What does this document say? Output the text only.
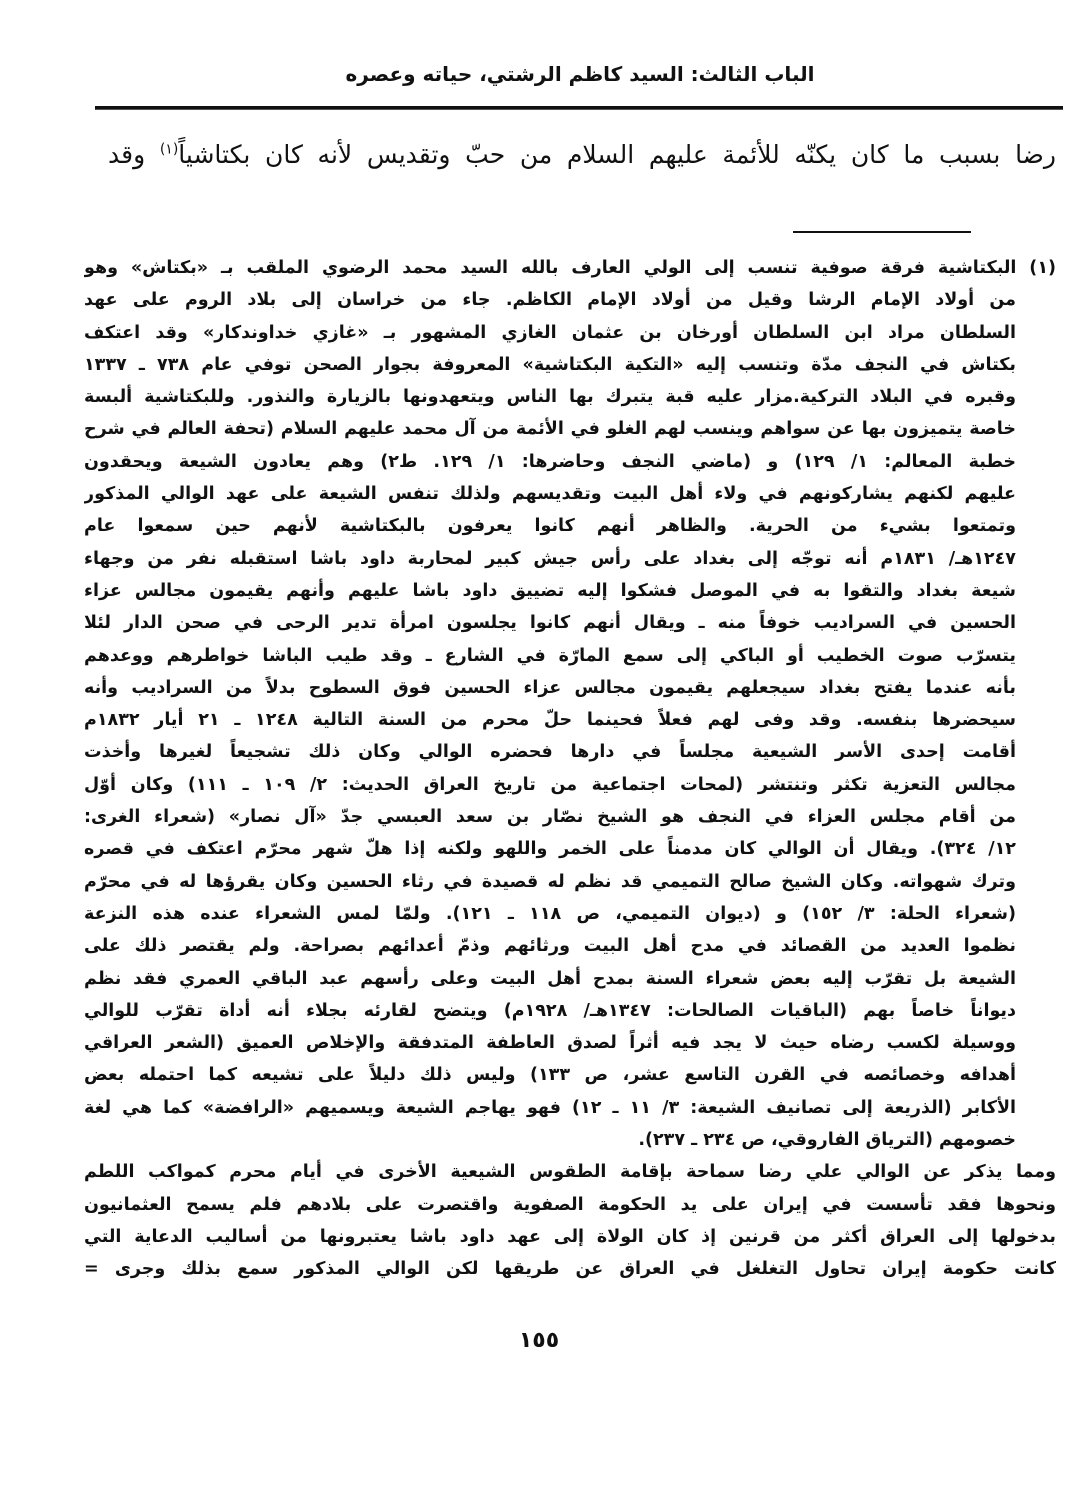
الباب الثالث: السيد كاظم الرشتي، حياته وعصره
رضا بسبب ما كان يكنّه للأئمة عليهم السلام من حبّ وتقديس لأنه كان بكتاشياً$^{(١)}$ وقد
(١) البكتاشية فرقة صوفية تنسب إلى الولي العارف بالله السيد محمد الرضوي الملقب بـ «بكتاش» وهو
من أولاد الإمام الرشا وقيل من أولاد الإمام الكاظم. جاء من خراسان إلى بلاد الروم على عهد
السلطان مراد ابن السلطان أورخان بن عثمان الغازي المشهور بـ «غازي خداوندكار» وقد اعتكف
بكتاش في النجف مدّة وتنسب إليه «التكية البكتاشية» المعروفة بجوار الصحن توفي عام ٧٣٨ ـ ١٣٣٧
وقبره في البلاد التركية.مزار عليه قبة يتبرك بها الناس ويتعهدونها بالزيارة والنذور. وللبكتاشية ألبسة
خاصة يتميزون بها عن سواهم وينسب لهم الغلو في الأئمة من آل محمد عليهم السلام (تحفة العالم في شرح
خطبة المعالم: ١/ ١٢٩) و (ماضي النجف وحاضرها: ١/ ١٢٩. ط٢) وهم يعادون الشيعة ويحقدون
عليهم لكنهم يشاركونهم في ولاء أهل البيت وتقديسهم ولذلك تنفس الشيعة على عهد الوالي المذكور
وتمتعوا بشيء من الحرية. والظاهر أنهم كانوا يعرفون بالبكتاشية لأنهم حين سمعوا عام
١٢٤٧هـ/ ١٨٣١م أنه توجّه إلى بغداد على رأس جيش كبير لمحاربة داود باشا استقبله نفر من وجهاء
شيعة بغداد والتقوا به في الموصل فشكوا إليه تضييق داود باشا عليهم وأنهم يقيمون مجالس عزاء
الحسين في السراديب خوفاً منه ـ ويقال أنهم كانوا يجلسون امرأة تدير الرحى في صحن الدار لئلا
يتسرّب صوت الخطيب أو الباكي إلى سمع المارّة في الشارع ـ وقد طيب الباشا خواطرهم ووعدهم
بأنه عندما يفتح بغداد سيجعلهم يقيمون مجالس عزاء الحسين فوق السطوح بدلاً من السراديب وأنه
سيحضرها بنفسه. وقد وفى لهم فعلاً فحينما حلّ محرم من السنة التالية ١٢٤٨ ـ ٢١ أيار ١٨٣٢م
أقامت إحدى الأسر الشيعية مجلساً في دارها فحضره الوالي وكان ذلك تشجيعاً لغيرها وأخذت
مجالس التعزية تكثر وتنتشر (لمحات اجتماعية من تاريخ العراق الحديث: ٢/ ١٠٩ ـ ١١١) وكان أوّل
من أقام مجلس العزاء في النجف هو الشيخ نصّار بن سعد العبسي جدّ «آل نصار» (شعراء الغرى:
١٢/ ٣٢٤). ويقال أن الوالي كان مدمناً على الخمر واللهو ولكنه إذا هلّ شهر محرّم اعتكف في قصره
وترك شهواته. وكان الشيخ صالح التميمي قد نظم له قصيدة في رثاء الحسين وكان يقرؤها له في محرّم
(شعراء الحلة: ٣/ ١٥٢) و (ديوان التميمي، ص ١١٨ ـ ١٢١). ولمّا لمس الشعراء عنده هذه النزعة
نظموا العديد من القصائد في مدح أهل البيت ورثائهم وذمّ أعدائهم بصراحة. ولم يقتصر ذلك على
الشيعة بل تقرّب إليه بعض شعراء السنة بمدح أهل البيت وعلى رأسهم عبد الباقي العمري فقد نظم
ديواناً خاصاً بهم (الباقيات الصالحات: ١٣٤٧هـ/ ١٩٢٨م) ويتضح لقارئه بجلاء أنه أداة تقرّب للوالي
ووسيلة لكسب رضاه حيث لا يجد فيه أثراً لصدق العاطفة المتدفقة والإخلاص العميق (الشعر العراقي
أهدافه وخصائصه في القرن التاسع عشر، ص ١٣٣) وليس ذلك دليلاً على تشيعه كما احتمله بعض
الأكابر (الذريعة إلى تصانيف الشيعة: ٣/ ١١ ـ ١٢) فهو يهاجم الشيعة ويسميهم «الرافضة» كما هي لغة
خصومهم (الترياق الفاروقي، ص ٢٣٤ ـ ٢٣٧).
ومما يذكر عن الوالي علي رضا سماحة بإقامة الطقوس الشيعية الأخرى في أيام محرم كمواكب اللطم
ونحوها فقد تأسست في إيران على يد الحكومة الصفوية واقتصرت على بلادهم فلم يسمح العثمانيون
بدخولها إلى العراق أكثر من قرنين إذ كان الولاة إلى عهد داود باشا يعتبرونها من أساليب الدعاية التي
كانت حكومة إيران تحاول التغلغل في العراق عن طريقها لكن الوالي المذكور سمع بذلك وجرى =
١٥٥
